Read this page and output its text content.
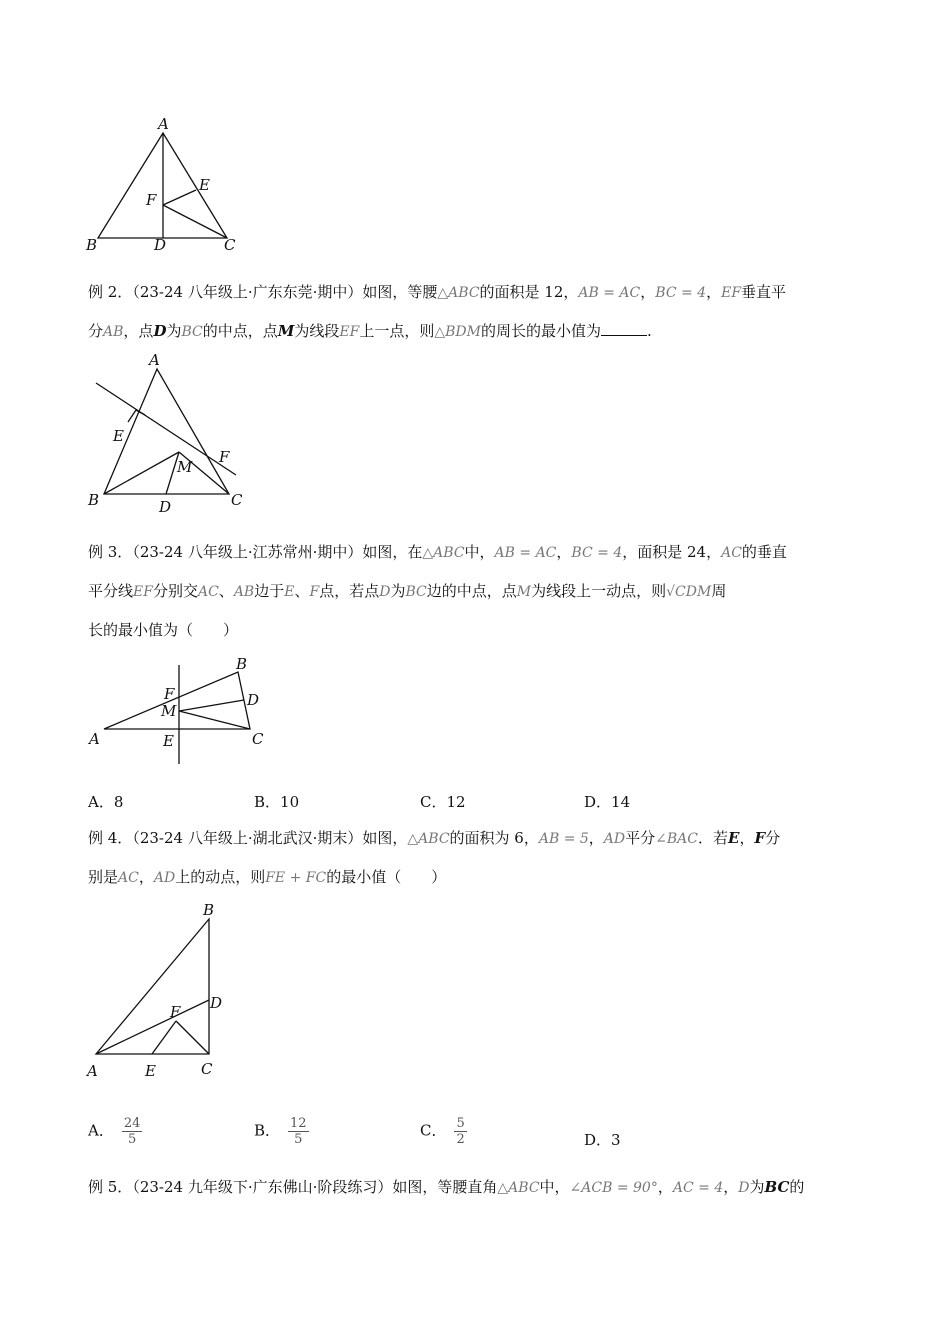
A
B	C
D
E
F
A
B	C
D
E
F
M
A
B
C
D
E
F
M
A
B
C
D
E
F
例 2．（23-24 八年级上·广东东莞·期中）如图，等腰△ABC的面积是 12，AB = AC，BC = 4，EF垂直平
分AB，点D为BC的中点，点M为线段EF上一点，则△BDM的周长的最小值为	.
例 3．（23-24 八年级上·江苏常州·期中）如图，在△ABC中，AB = AC，BC = 4，面积是 24，AC的垂直
平分线EF分别交AC、AB边于E、F点，若点D为BC边的中点，点M为线段上一动点，则√CDM周
长的最小值为（　　）
A．8	B．10	C．12	D．14
例 4．（23-24 八年级上·湖北武汉·期末）如图，△ABC的面积为 6，AB = 5，AD平分∠BAC．若E，F分
别是AC，AD上的动点，则FE + FC的最小值（　　）
A． $\frac{24}{5}$	B． $\frac{12}{5}$	C． $\frac{5}{2}$	D．3
例 5．（23-24 九年级下·广东佛山·阶段练习）如图，等腰直角△ABC中，∠ACB = 90°，AC = 4，D为BC的
